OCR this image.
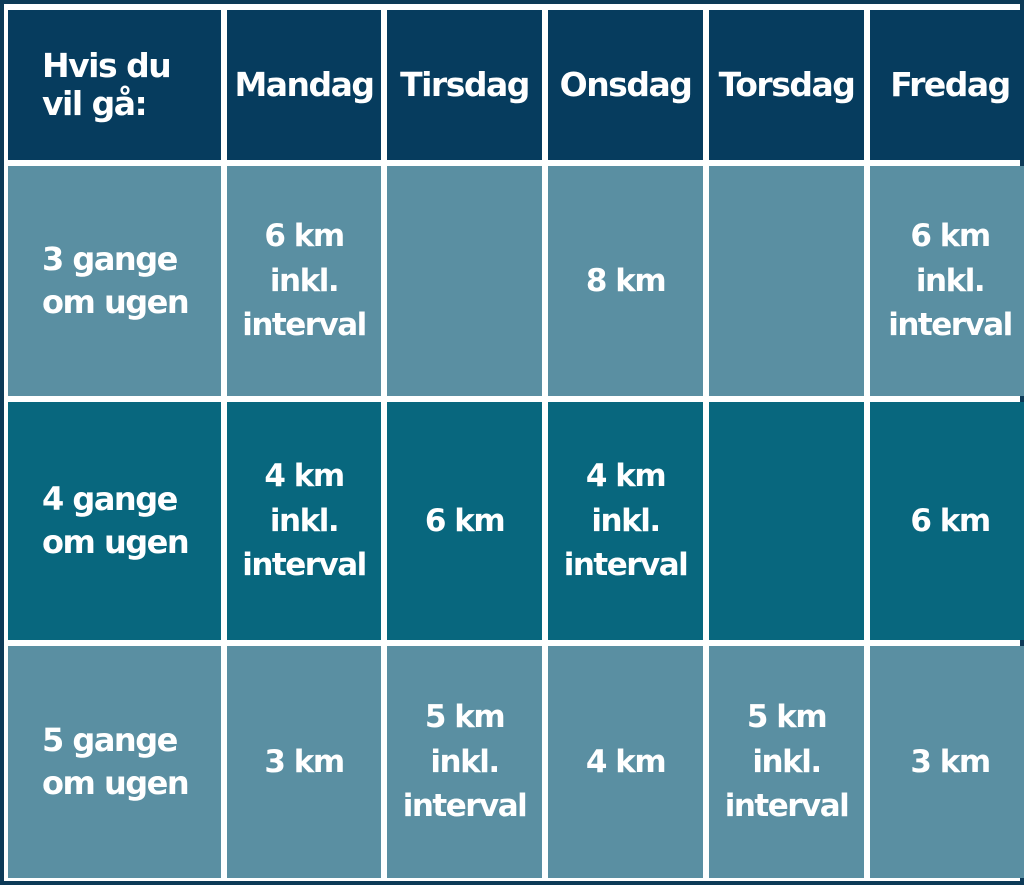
Hvis du vil gå:	Mandag Tirsdag Onsdag Torsdag Fredag
3 gange om ugen
6 km inkl. interval
8 km
6 km inkl. interval
4 gange om ugen
4 km inkl. interval
6 km
4 km inkl. interval
6 km
5 gange om ugen
3 km
5 km inkl. interval
4 km
5 km inkl. interval
3 km
